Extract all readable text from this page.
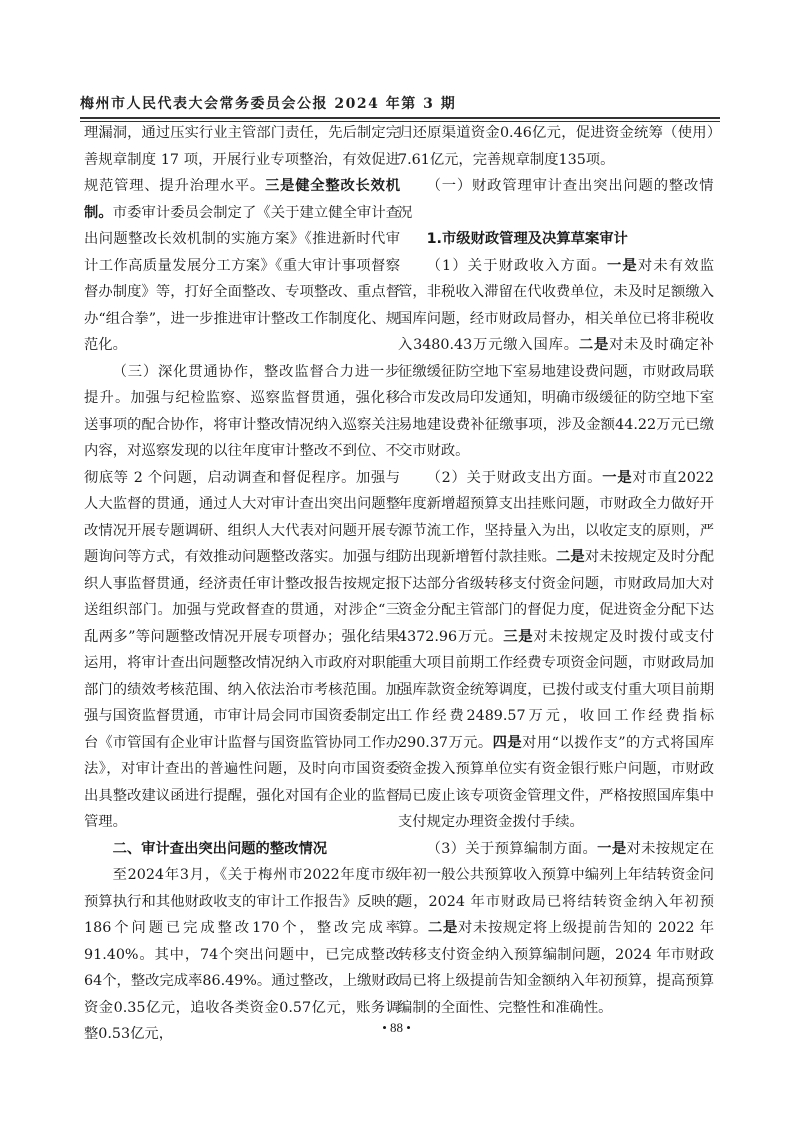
梅州市人民代表大会常务委员会公报 2024 年第 3 期

理漏洞，通过压实行业主管部门责任，先后制定完善规章制度 17 项，开展行业专项整治，有效促进规范管理、提升治理水平。三是健全整改长效机制。市委审计委员会制定了《关于建立健全审计查出问题整改长效机制的实施方案》《推进新时代审计工作高质量发展分工方案》《重大审计事项督察督办制度》等，打好全面整改、专项整改、重点督办“组合拳”，进一步推进审计整改工作制度化、规范化。

（三）深化贯通协作，整改监督合力进一步提升。加强与纪检监察、巡察监督贯通，强化移送事项的配合协作，将审计整改情况纳入巡察关注内容，对巡察发现的以往年度审计整改不到位、不彻底等 2 个问题，启动调查和督促程序。加强与人大监督的贯通，通过人大对审计查出突出问题整改情况开展专题调研、组织人大代表对问题开展专题询问等方式，有效推动问题整改落实。加强与组织人事监督贯通，经济责任审计整改报告按规定报送组织部门。加强与党政督查的贯通，对涉企“三乱两多”等问题整改情况开展专项督办；强化结果运用，将审计查出问题整改情况纳入市政府对职能部门的绩效考核范围、纳入依法治市考核范围。加强与国资监督贯通，市审计局会同市国资委制定出台《市管国有企业审计监督与国资监管协同工作办法》，对审计查出的普遍性问题，及时向市国资委出具整改建议函进行提醒，强化对国有企业的监督管理。

二、审计查出突出问题的整改情况

至2024年3月，《关于梅州市2022年度市级预算执行和其他财政收支的审计工作报告》反映的186个问题已完成整改170个，整改完成率91.40%。其中，74个突出问题中，已完成整改64个，整改完成率86.49%。通过整改，上缴财政资金0.35亿元，追收各类资金0.57亿元，账务调整0.53亿元，

归还原渠道资金0.46亿元，促进资金统筹（使用）7.61亿元，完善规章制度135项。

（一）财政管理审计查出突出问题的整改情况

1.市级财政管理及决算草案审计

（1）关于财政收入方面。一是对未有效监管，非税收入滞留在代收费单位，未及时足额缴入国库问题，经市财政局督办，相关单位已将非税收入3480.43万元缴入国库。二是对未及时确定补征缴缓征防空地下室易地建设费问题，市财政局联合市发改局印发通知，明确市级缓征的防空地下室易地建设费补征缴事项，涉及金额44.22万元已缴交市财政。

（2）关于财政支出方面。一是对市直2022年度新增超预算支出挂账问题，市财政全力做好开源节流工作，坚持量入为出，以收定支的原则，严防出现新增暂付款挂账。二是对未按规定及时分配下达部分省级转移支付资金问题，市财政局加大对资金分配主管部门的督促力度，促进资金分配下达4372.96万元。三是对未按规定及时拨付或支付重大项目前期工作经费专项资金问题，市财政局加强库款资金统筹调度，已拨付或支付重大项目前期工作经费2489.57万元，收回工作经费指标290.37万元。四是对用“以拨作支”的方式将国库资金拨入预算单位实有资金银行账户问题，市财政局已废止该专项资金管理文件，严格按照国库集中支付规定办理资金拨付手续。

（3）关于预算编制方面。一是对未按规定在年初一般公共预算收入预算中编列上年结转资金问题，2024 年市财政局已将结转资金纳入年初预算。二是对未按规定将上级提前告知的 2022 年转移支付资金纳入预算编制问题，2024 年市财政局已将上级提前告知金额纳入年初预算，提高预算编制的全面性、完整性和准确性。

• 88 •
